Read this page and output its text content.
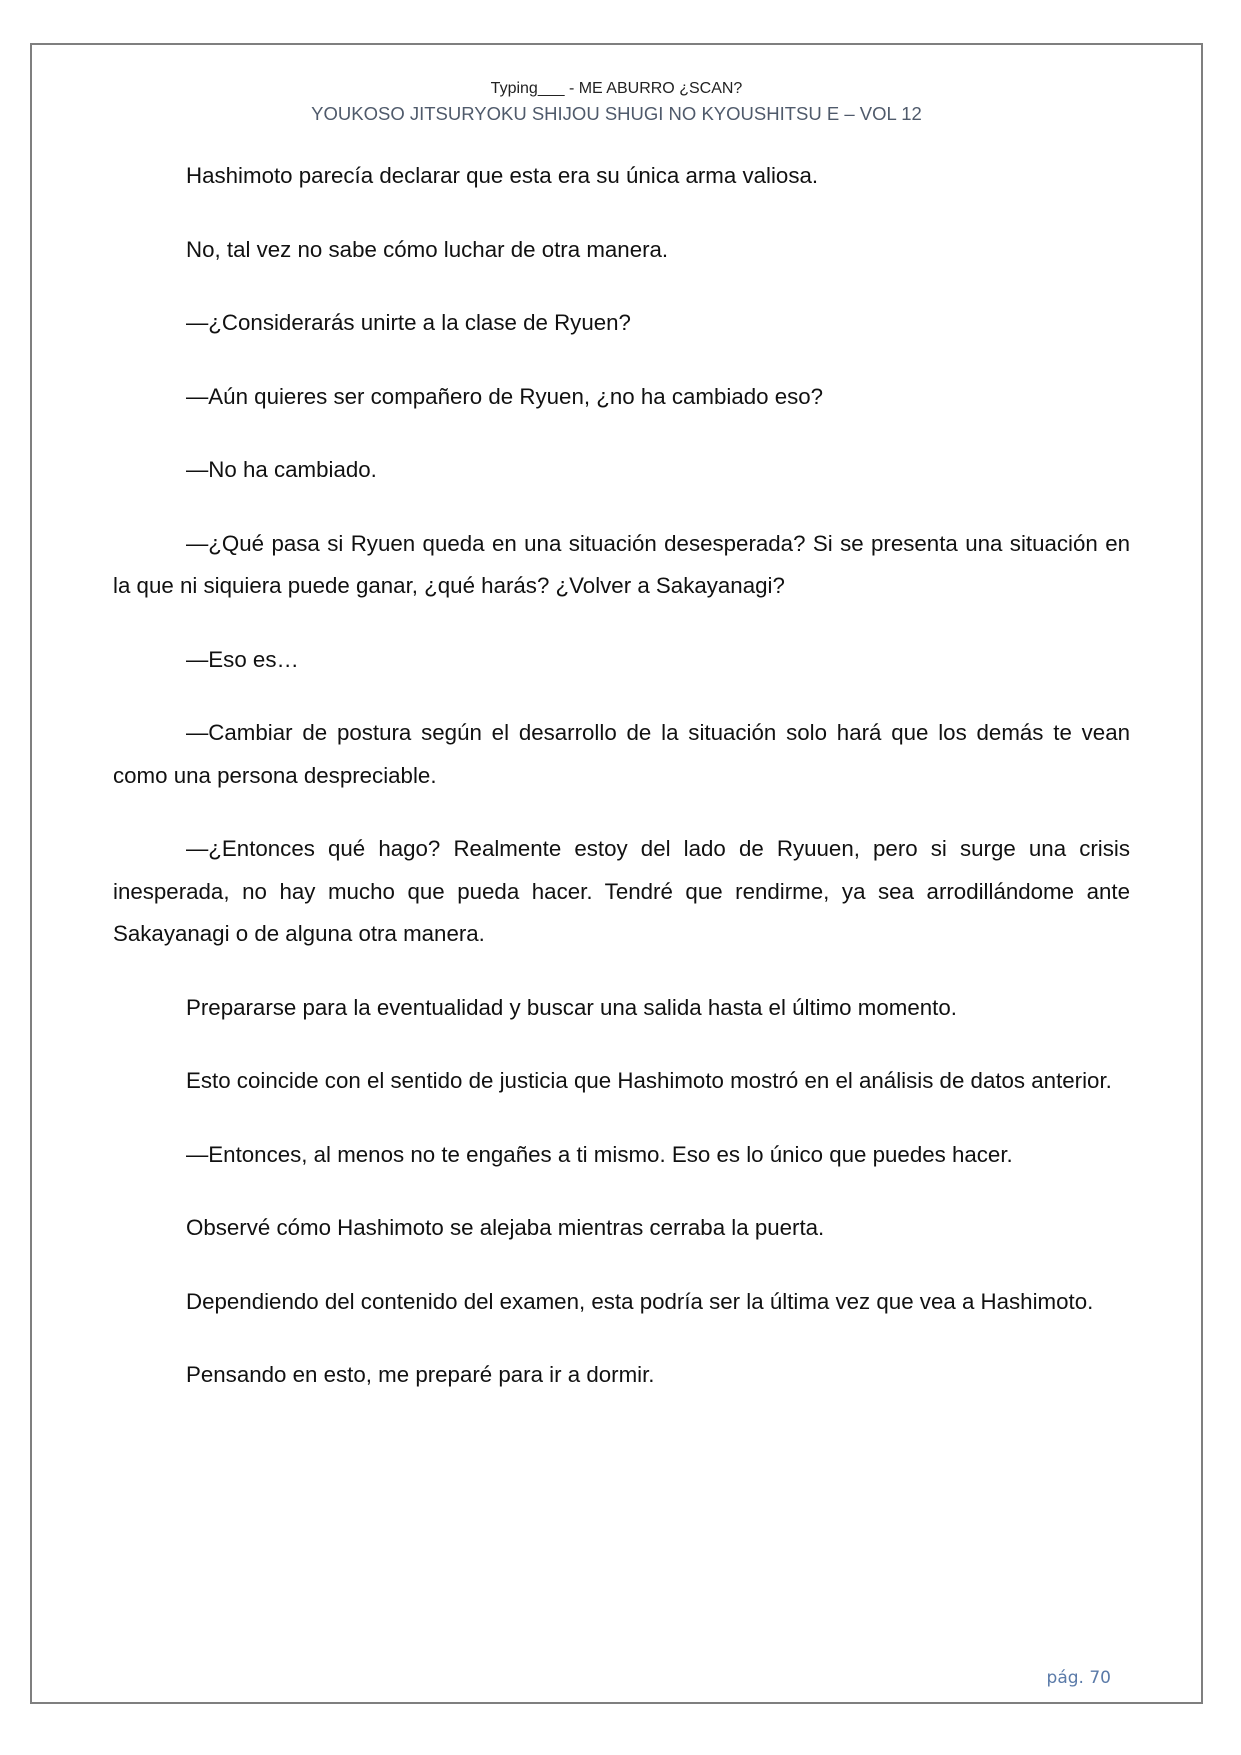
Typing___ - ME ABURRO ¿SCAN?
YOUKOSO JITSURYOKU SHIJOU SHUGI NO KYOUSHITSU E – VOL 12

Hashimoto parecía declarar que esta era su única arma valiosa.

No, tal vez no sabe cómo luchar de otra manera.

—¿Considerarás unirte a la clase de Ryuen?

—Aún quieres ser compañero de Ryuen, ¿no ha cambiado eso?

—No ha cambiado.

—¿Qué pasa si Ryuen queda en una situación desesperada? Si se presenta una situación en la que ni siquiera puede ganar, ¿qué harás? ¿Volver a Sakayanagi?

—Eso es…

—Cambiar de postura según el desarrollo de la situación solo hará que los demás te vean como una persona despreciable.

—¿Entonces qué hago? Realmente estoy del lado de Ryuuen, pero si surge una crisis inesperada, no hay mucho que pueda hacer. Tendré que rendirme, ya sea arrodillándome ante Sakayanagi o de alguna otra manera.

Prepararse para la eventualidad y buscar una salida hasta el último momento.

Esto coincide con el sentido de justicia que Hashimoto mostró en el análisis de datos anterior.

—Entonces, al menos no te engañes a ti mismo. Eso es lo único que puedes hacer.

Observé cómo Hashimoto se alejaba mientras cerraba la puerta.

Dependiendo del contenido del examen, esta podría ser la última vez que vea a Hashimoto.

Pensando en esto, me preparé para ir a dormir.

pág. 70
